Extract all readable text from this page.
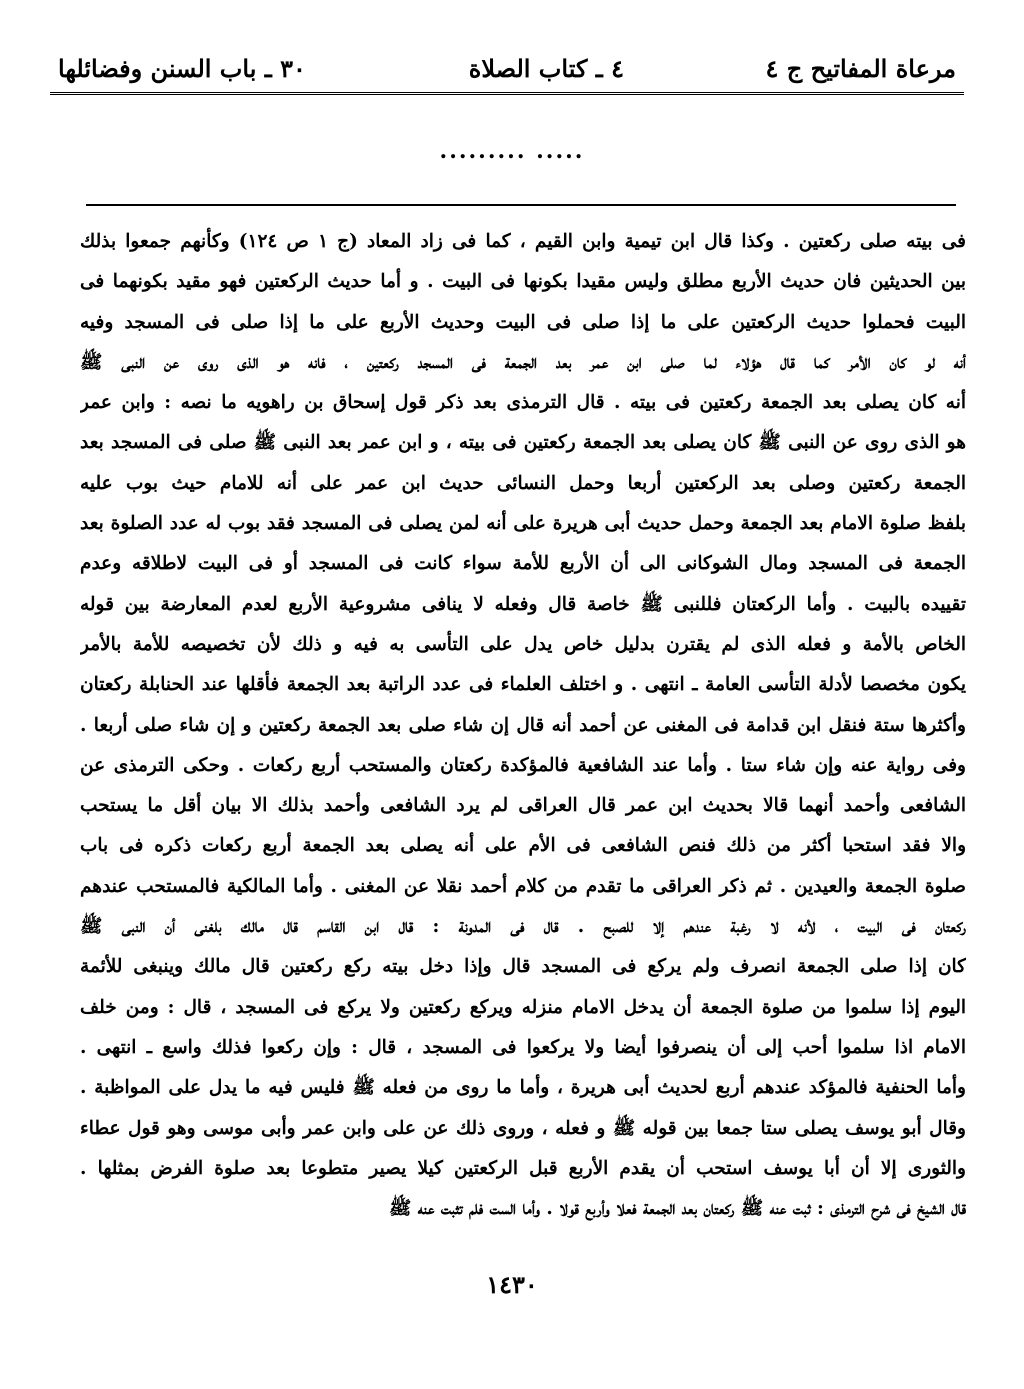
مرعاة المفاتيح ج ٤
٤ ـ كتاب الصلاة
٣٠ ـ باب السنن وفضائلها
......... .....
فى بيته صلى ركعتين . وكذا قال ابن تيمية وابن القيم ، كما فى زاد المعاد (ج ١ ص ١٢٤) وكأنهم جمعوا بذلك
بين الحديثين فان حديث الأربع مطلق وليس مقيدا بكونها فى البيت . و أما حديث الركعتين فهو مقيد بكونهما فى
البيت فحملوا حديث الركعتين على ما إذا صلى فى البيت وحديث الأربع على ما إذا صلى فى المسجد وفيه
أنه لو كان الأمر كما قال هؤلاء لما صلى ابن عمر بعد الجمعة فى المسجد ركعتين ، فانه هو الذى روى عن النبى ﷺ
أنه كان يصلى بعد الجمعة ركعتين فى بيته . قال الترمذى بعد ذكر قول إسحاق بن راهويه ما نصه : وابن عمر
هو الذى روى عن النبى ﷺ كان يصلى بعد الجمعة ركعتين فى بيته ، و ابن عمر بعد النبى ﷺ صلى فى المسجد بعد
الجمعة ركعتين وصلى بعد الركعتين أربعا وحمل النسائى حديث ابن عمر على أنه للامام حيث بوب عليه
بلفظ صلوة الامام بعد الجمعة وحمل حديث أبى هريرة على أنه لمن يصلى فى المسجد فقد بوب له عدد الصلوة بعد
الجمعة فى المسجد ومال الشوكانى الى أن الأربع للأمة سواء كانت فى المسجد أو فى البيت لاطلاقه وعدم
تقييده بالبيت . وأما الركعتان فللنبى ﷺ خاصة قال وفعله لا ينافى مشروعية الأربع لعدم المعارضة بين قوله
الخاص بالأمة و فعله الذى لم يقترن بدليل خاص يدل على التأسى به فيه و ذلك لأن تخصيصه للأمة بالأمر
يكون مخصصا لأدلة التأسى العامة ـ انتهى . و اختلف العلماء فى عدد الراتبة بعد الجمعة فأقلها عند الحنابلة ركعتان
وأكثرها ستة فنقل ابن قدامة فى المغنى عن أحمد أنه قال إن شاء صلى بعد الجمعة ركعتين و إن شاء صلى أربعا .
وفى رواية عنه وإن شاء ستا . وأما عند الشافعية فالمؤكدة ركعتان والمستحب أربع ركعات . وحكى الترمذى عن
الشافعى وأحمد أنهما قالا بحديث ابن عمر قال العراقى لم يرد الشافعى وأحمد بذلك الا بيان أقل ما يستحب
والا فقد استحبا أكثر من ذلك فنص الشافعى فى الأم على أنه يصلى بعد الجمعة أربع ركعات ذكره فى باب
صلوة الجمعة والعيدين . ثم ذكر العراقى ما تقدم من كلام أحمد نقلا عن المغنى . وأما المالكية فالمستحب عندهم
ركعتان فى البيت ، لأنه لا رغبة عندهم إلا للصبح . قال فى المدونة : قال ابن القاسم قال مالك بلغنى أن النبى ﷺ
كان إذا صلى الجمعة انصرف ولم يركع فى المسجد قال وإذا دخل بيته ركع ركعتين قال مالك وينبغى للأئمة
اليوم إذا سلموا من صلوة الجمعة أن يدخل الامام منزله ويركع ركعتين ولا يركع فى المسجد ، قال : ومن خلف
الامام اذا سلموا أحب إلى أن ينصرفوا أيضا ولا يركعوا فى المسجد ، قال : وإن ركعوا فذلك واسع ـ انتهى .
وأما الحنفية فالمؤكد عندهم أربع لحديث أبى هريرة ، وأما ما روى من فعله ﷺ فليس فيه ما يدل على المواظبة .
وقال أبو يوسف يصلى ستا جمعا بين قوله ﷺ و فعله ، وروى ذلك عن على وابن عمر وأبى موسى وهو قول عطاء
والثورى إلا أن أبا يوسف استحب أن يقدم الأربع قبل الركعتين كيلا يصير متطوعا بعد صلوة الفرض بمثلها .
قال الشيخ فى شرح الترمذى : ثبت عنه ﷺ ركعتان بعد الجمعة فعلا وأربع قولا . وأما الست فلم تثبت عنه ﷺ
١٤٣٠
